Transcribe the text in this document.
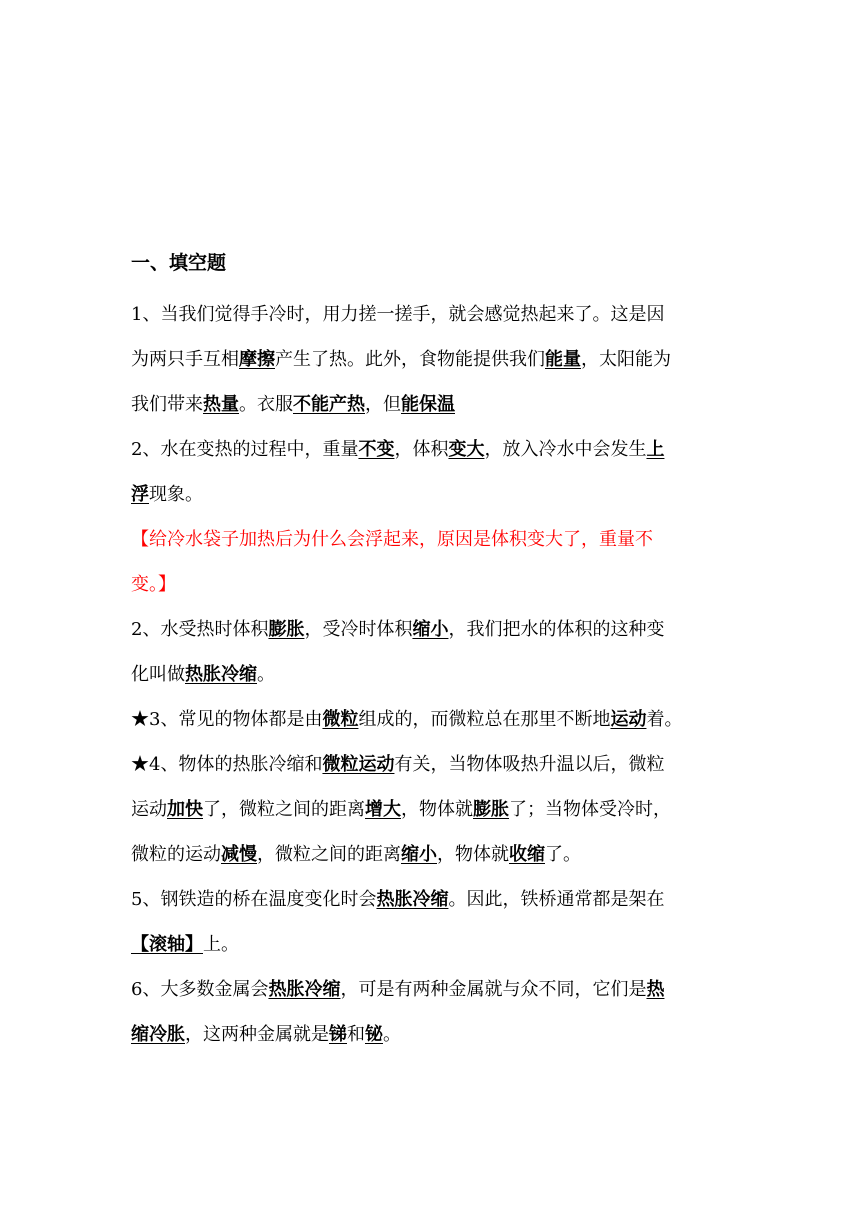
一、填空题
1、当我们觉得手冷时，用力搓一搓手，就会感觉热起来了。这是因
为两只手互相摩擦产生了热。此外，食物能提供我们能量，太阳能为
我们带来热量。衣服不能产热，但能保温
2、水在变热的过程中，重量不变，体积变大，放入冷水中会发生上
浮现象。
【给冷水袋子加热后为什么会浮起来，原因是体积变大了，重量不
变。】
2、水受热时体积膨胀，受冷时体积缩小，我们把水的体积的这种变
化叫做热胀冷缩。
★3、常见的物体都是由微粒组成的，而微粒总在那里不断地运动着。
★4、物体的热胀冷缩和微粒运动有关，当物体吸热升温以后，微粒
运动加快了，微粒之间的距离增大，物体就膨胀了；当物体受冷时，
微粒的运动减慢，微粒之间的距离缩小，物体就收缩了。
5、钢铁造的桥在温度变化时会热胀冷缩。因此，铁桥通常都是架在
【滚轴】上。
6、大多数金属会热胀冷缩，可是有两种金属就与众不同，它们是热
缩冷胀，这两种金属就是锑和铋。
